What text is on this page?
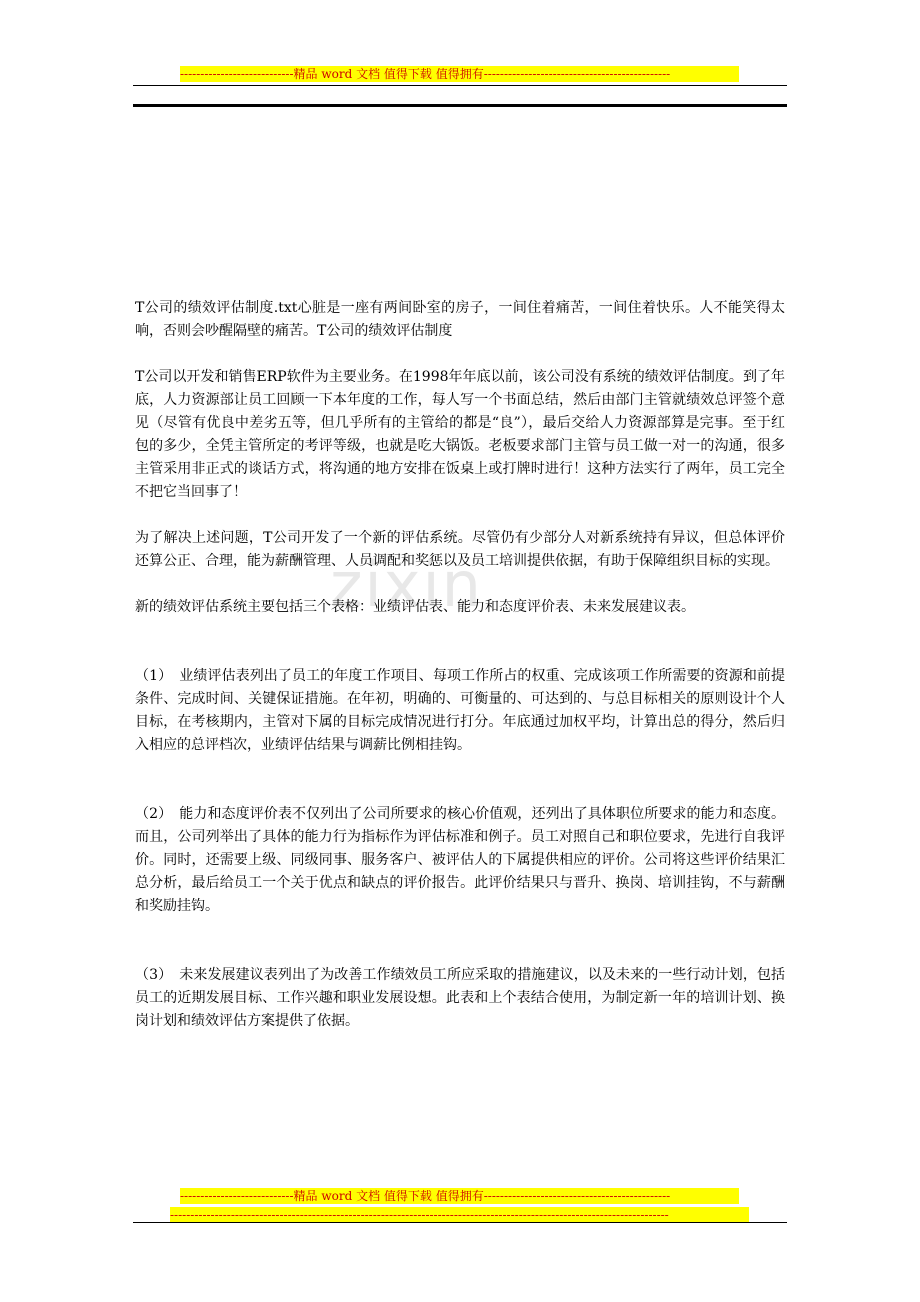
----------------------------精品 word 文档 值得下载 值得拥有----------------------------------------------
zixin

T公司的绩效评估制度.txt心脏是一座有两间卧室的房子，一间住着痛苦，一间住着快乐。人不能笑得太响，否则会吵醒隔壁的痛苦。T公司的绩效评估制度

T公司以开发和销售ERP软件为主要业务。在1998年年底以前，该公司没有系统的绩效评估制度。到了年底，人力资源部让员工回顾一下本年度的工作，每人写一个书面总结，然后由部门主管就绩效总评签个意见（尽管有优良中差劣五等，但几乎所有的主管给的都是“良”），最后交给人力资源部算是完事。至于红包的多少，全凭主管所定的考评等级，也就是吃大锅饭。老板要求部门主管与员工做一对一的沟通，很多主管采用非正式的谈话方式，将沟通的地方安排在饭桌上或打牌时进行！这种方法实行了两年，员工完全不把它当回事了！

为了解决上述问题，T公司开发了一个新的评估系统。尽管仍有少部分人对新系统持有异议，但总体评价还算公正、合理，能为薪酬管理、人员调配和奖惩以及员工培训提供依据，有助于保障组织目标的实现。

新的绩效评估系统主要包括三个表格：业绩评估表、能力和态度评价表、未来发展建议表。

（1）　业绩评估表列出了员工的年度工作项目、每项工作所占的权重、完成该项工作所需要的资源和前提条件、完成时间、关键保证措施。在年初，明确的、可衡量的、可达到的、与总目标相关的原则设计个人目标，在考核期内，主管对下属的目标完成情况进行打分。年底通过加权平均，计算出总的得分，然后归入相应的总评档次，业绩评估结果与调薪比例相挂钩。

（2）　能力和态度评价表不仅列出了公司所要求的核心价值观，还列出了具体职位所要求的能力和态度。而且，公司列举出了具体的能力行为指标作为评估标准和例子。员工对照自己和职位要求，先进行自我评价。同时，还需要上级、同级同事、服务客户、被评估人的下属提供相应的评价。公司将这些评价结果汇总分析，最后给员工一个关于优点和缺点的评价报告。此评价结果只与晋升、换岗、培训挂钩，不与薪酬和奖励挂钩。

（3）　未来发展建议表列出了为改善工作绩效员工所应采取的措施建议，以及未来的一些行动计划，包括员工的近期发展目标、工作兴趣和职业发展设想。此表和上个表结合使用，为制定新一年的培训计划、换岗计划和绩效评估方案提供了依据。

----------------------------精品 word 文档 值得下载 值得拥有----------------------------------------------
---------------------------------------------------------------------------------------------------------------------------
